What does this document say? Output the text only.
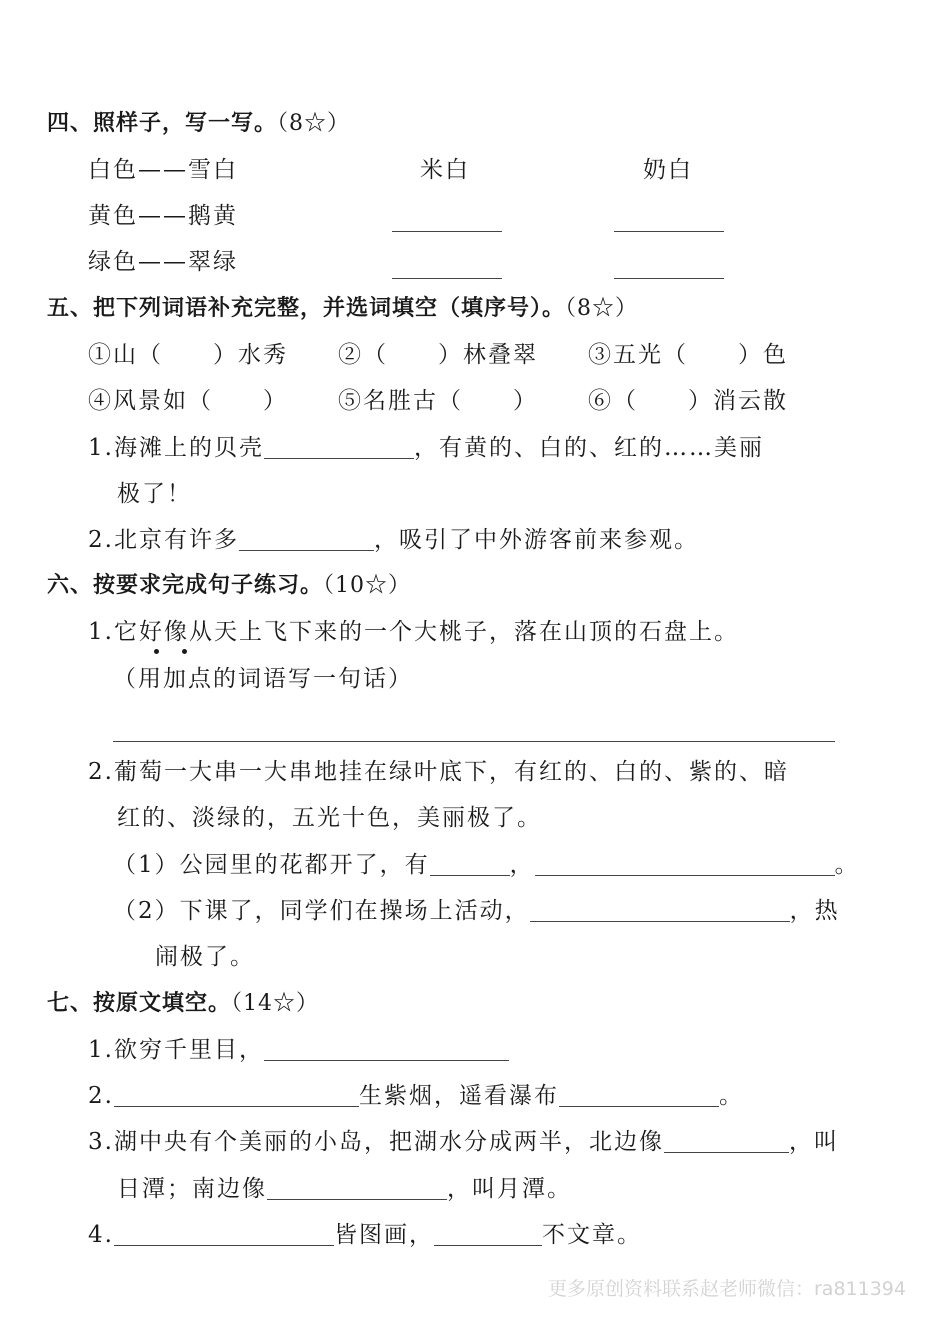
四、照样子，写一写。（8☆）
白色——雪白	米白	奶白
黄色——鹅黄
绿色——翠绿
五、把下列词语补充完整，并选词填空（填序号）。（8☆）
①山（　　）水秀 ②（　　）林叠翠 ③五光（　　）色
④风景如（　　） ⑤名胜古（　　） ⑥（　　）消云散
1.海滩上的贝壳	，有黄的、白的、红的……美丽
极了！
2.北京有许多	，吸引了中外游客前来参观。
六、按要求完成句子练习。（10☆）
1.它好像从天上飞下来的一个大桃子，落在山顶的石盘上。
（用加点的词语写一句话）
2.葡萄一大串一大串地挂在绿叶底下，有红的、白的、紫的、暗
红的、淡绿的，五光十色，美丽极了。
（1）公园里的花都开了，有	，	。
（2）下课了，同学们在操场上活动，	，热
闹极了。
七、按原文填空。（14☆）
1.欲穷千里目，
2.	生紫烟，遥看瀑布	。
3.湖中央有个美丽的小岛，把湖水分成两半，北边像	，叫
日潭；南边像	，叫月潭。
4.	皆图画，	不文章。
更多原创资料联系赵老师微信：ra811394
